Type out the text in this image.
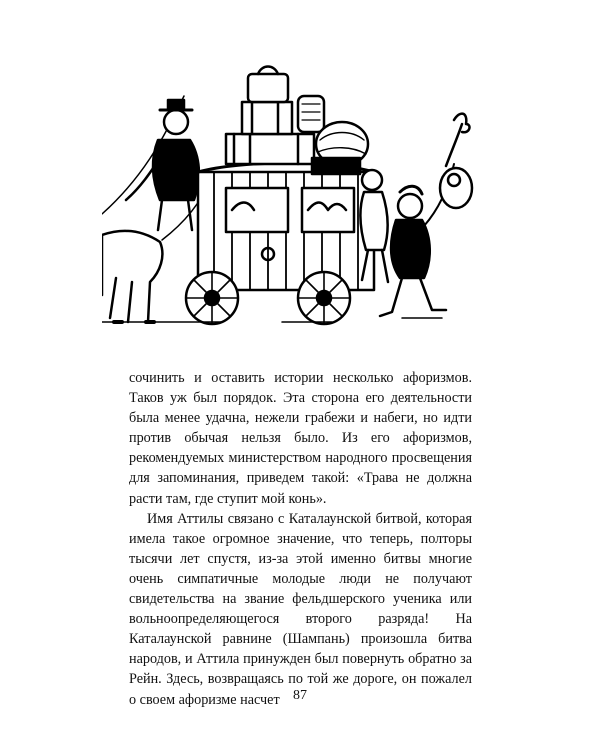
сочинить и оставить истории несколько афоризмов. Таков уж был порядок. Эта сторона его деятельности была менее удачна, нежели грабежи и набеги, но идти против обычая нельзя было. Из его афоризмов, рекомендуемых министерством народного просвещения для запоминания, приведем такой: «Трава не должна расти там, где ступит мой конь».

Имя Аттилы связано с Каталаунской битвой, которая имела такое огромное значение, что теперь, полторы тысячи лет спустя, из-за этой именно битвы многие очень симпатичные молодые люди не получают свидетельства на звание фельдшерского ученика или вольноопределяющегося второго разряда! На Каталаунской равнине (Шампань) произошла битва народов, и Аттила принужден был повернуть обратно за Рейн. Здесь, возвращаясь по той же дороге, он пожалел о своем афоризме насчет 87
